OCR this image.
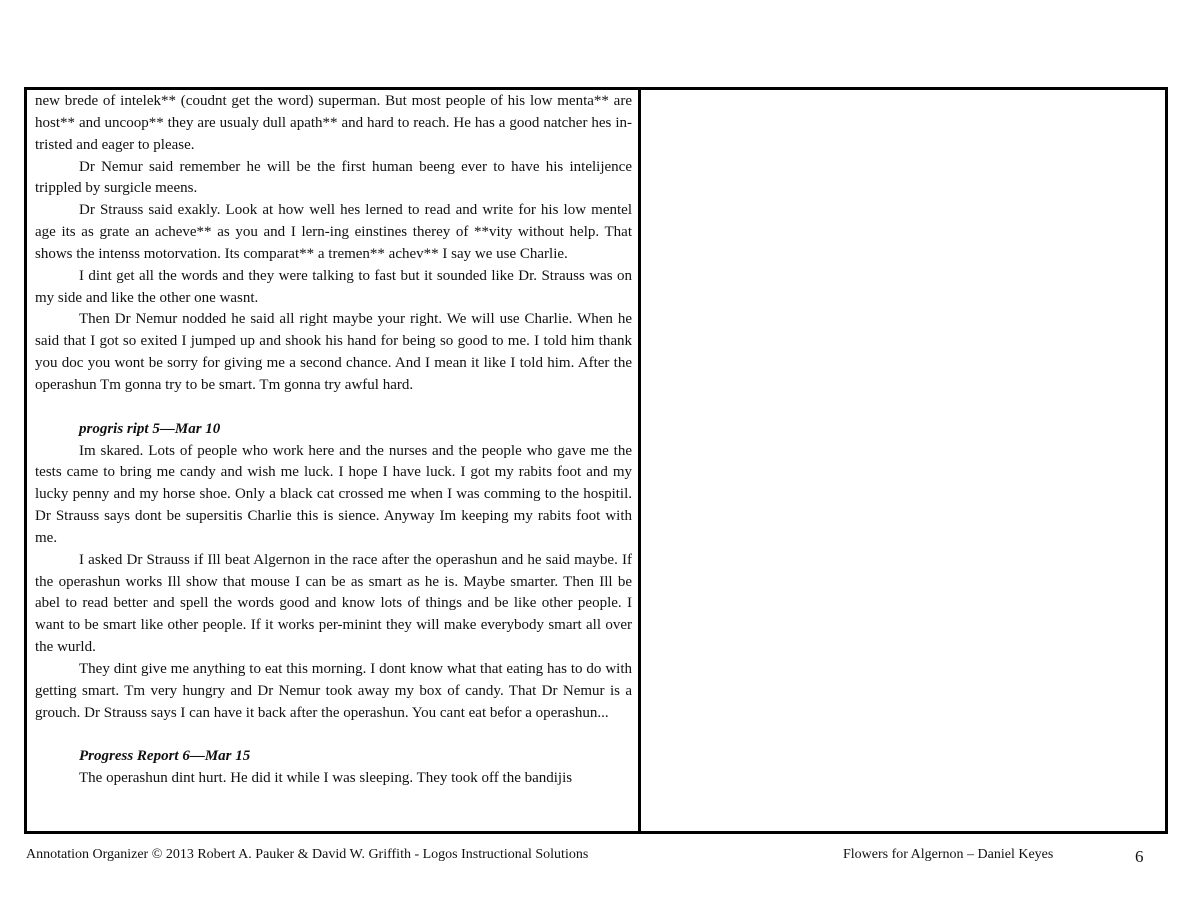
new brede of intelek** (coudnt get the word) superman. But most people of his low menta** are host** and uncoop** they are usualy dull apath** and hard to reach. He has a good natcher hes in-tristed and eager to please.

Dr Nemur said remember he will be the first human beeng ever to have his intelijence trippled by surgicle meens.

Dr Strauss said exakly. Look at how well hes lerned to read and write for his low mentel age its as grate an acheve** as you and I lern-ing einstines therey of **vity without help. That shows the intenss motorvation. Its comparat** a tremen** achev** I say we use Charlie.

I dint get all the words and they were talking to fast but it sounded like Dr. Strauss was on my side and like the other one wasnt.

Then Dr Nemur nodded he said all right maybe your right. We will use Charlie. When he said that I got so exited I jumped up and shook his hand for being so good to me. I told him thank you doc you wont be sorry for giving me a second chance. And I mean it like I told him. After the operashun Tm gonna try to be smart. Tm gonna try awful hard.

progris ript 5—Mar 10

Im skared. Lots of people who work here and the nurses and the people who gave me the tests came to bring me candy and wish me luck. I hope I have luck. I got my rabits foot and my lucky penny and my horse shoe. Only a black cat crossed me when I was comming to the hospitil. Dr Strauss says dont be supersitis Charlie this is sience. Anyway Im keeping my rabits foot with me.

I asked Dr Strauss if Ill beat Algernon in the race after the operashun and he said maybe. If the operashun works Ill show that mouse I can be as smart as he is. Maybe smarter. Then Ill be abel to read better and spell the words good and know lots of things and be like other people. I want to be smart like other people. If it works per-minint they will make everybody smart all over the wurld.

They dint give me anything to eat this morning. I dont know what that eating has to do with getting smart. Tm very hungry and Dr Nemur took away my box of candy. That Dr Nemur is a grouch. Dr Strauss says I can have it back after the operashun. You cant eat befor a operashun...

Progress Report 6—Mar 15

The operashun dint hurt. He did it while I was sleeping. They took off the bandijis

Annotation Organizer © 2013 Robert A. Pauker & David W. Griffith - Logos Instructional Solutions	Flowers for Algernon – Daniel Keyes	6
